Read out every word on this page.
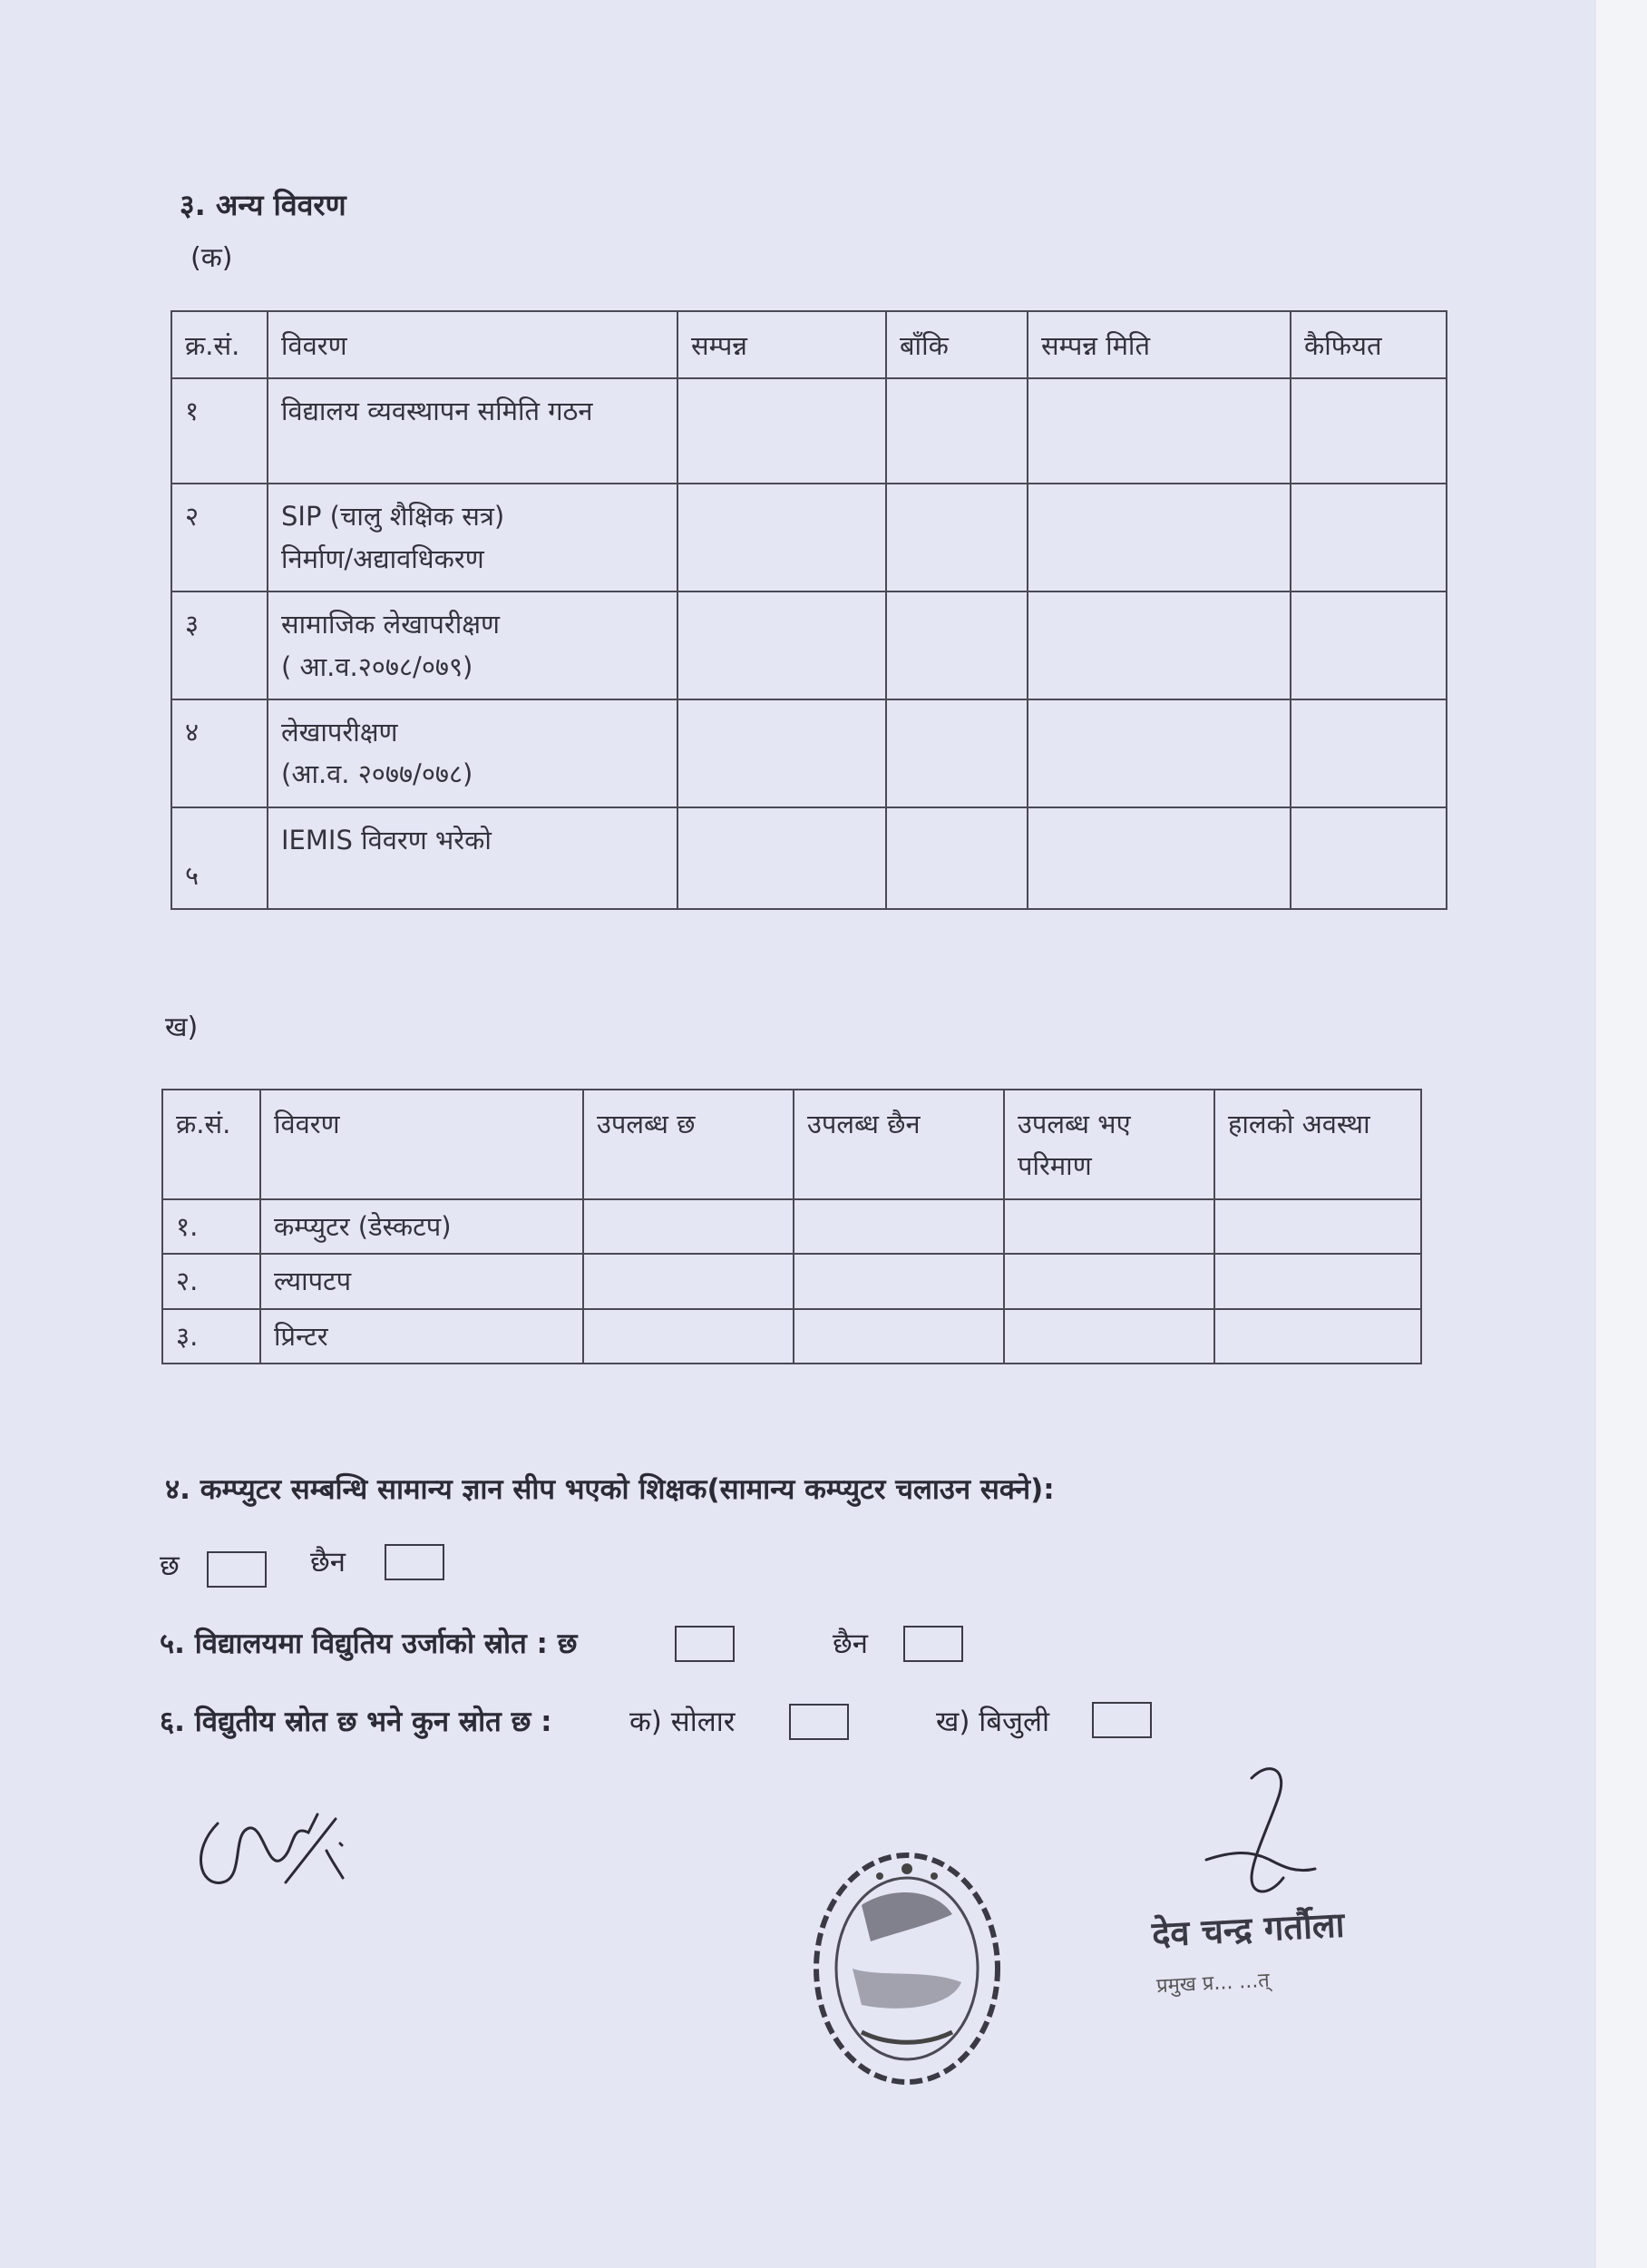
३. अन्य विवरण
(क)
क्र.सं.	विवरण	सम्पन्न	बाँकि	सम्पन्न मिति	कैफियत
१	विद्यालय व्यवस्थापन समिति गठन				

२	SIP (चालु शैक्षिक सत्र)
निर्माण/अद्यावधिकरण				

३	सामाजिक लेखापरीक्षण
( आ.व.२०७८/०७९)				

४	लेखापरीक्षण
(आ.व. २०७७/०७८)				

५	IEMIS विवरण भरेको				

ख)
क्र.सं.	विवरण	उपलब्ध छ	उपलब्ध छैन	उपलब्ध भए परिमाण	हालको अवस्था
१.	कम्प्युटर (डेस्कटप)				
२.	ल्यापटप				
३.	प्रिन्टर				
४. कम्प्युटर सम्बन्धि सामान्य ज्ञान सीप भएको शिक्षक(सामान्य कम्प्युटर चलाउन सक्ने):
छ	छैन
५. विद्यालयमा विद्युतिय उर्जाको स्रोत : छ	छैन
६. विद्युतीय स्रोत छ भने कुन स्रोत छ :	क) सोलार	ख) बिजुली
देव चन्द्र गर्तौला
प्रमुख प्र... ...त्
